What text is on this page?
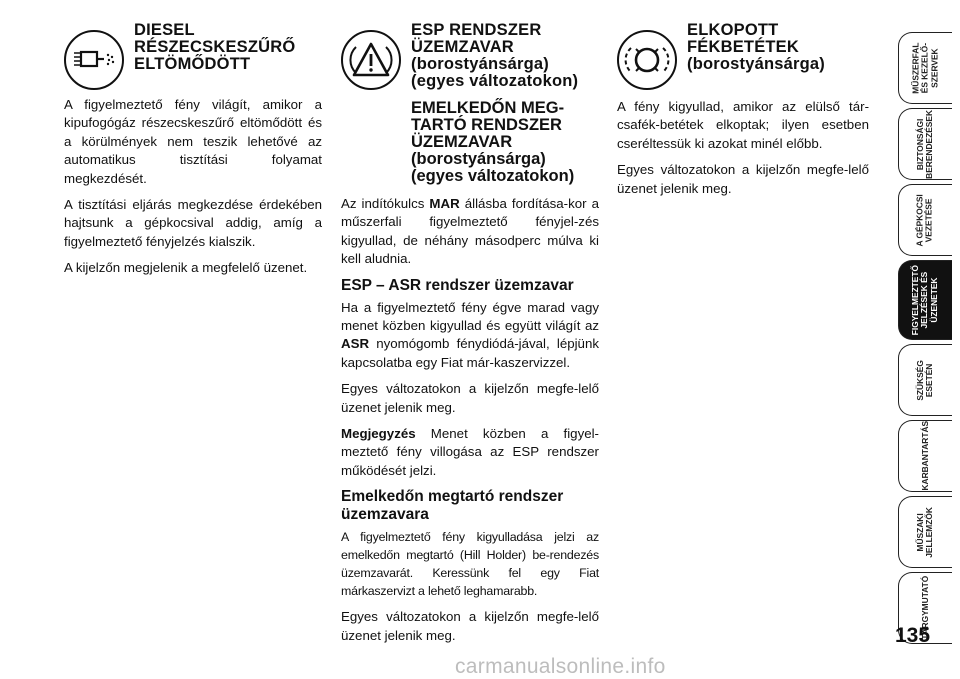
DIESEL
RÉSZECSKESZŰRŐ
ELTÖMŐDÖTT

A figyelmeztető fény világít, amikor a kipufogógáz részecskeszűrő eltömődött és a körülmények nem teszik lehetővé az automatikus tisztítási folyamat megkezdését.

A tisztítási eljárás megkezdése érdekében hajtsunk a gépkocsival addig, amíg a figyelmeztető fényjelzés kialszik.

A kijelzőn megjelenik a megfelelő üzenet.

ESP RENDSZER
ÜZEMZAVAR
(borostyánsárga)
(egyes változatokon)
EMELKEDŐN MEG-
TARTÓ RENDSZER
ÜZEMZAVAR
(borostyánsárga)
(egyes változatokon)

Az indítókulcs MAR állásba fordítása-kor a műszerfali figyelmeztető fényjel-zés kigyullad, de néhány másodperc múlva ki kell aludnia.

ESP – ASR rendszer üzemzavar

Ha a figyelmeztető fény égve marad vagy menet közben kigyullad és együtt világít az ASR nyomógomb fénydiódá-jával, lépjünk kapcsolatba egy Fiat már-kaszervizzel.

Egyes változatokon a kijelzőn megfe-lelő üzenet jelenik meg.

Megjegyzés Menet közben a figyel-meztető fény villogása az ESP rendszer működését jelzi.

Emelkedőn megtartó rendszer üzemzavara

A figyelmeztető fény kigyulladása jelzi az emelkedőn megtartó (Hill Holder) be-rendezés üzemzavarát. Keressünk fel egy Fiat márkaszervizt a lehető leghamarabb.

Egyes változatokon a kijelzőn megfe-lelő üzenet jelenik meg.

ELKOPOTT
FÉKBETÉTEK
(borostyánsárga)

A fény kigyullad, amikor az elülső tár-csafék-betétek elkoptak; ilyen esetben cseréltessük ki azokat minél előbb.

Egyes változatokon a kijelzőn megfe-lelő üzenet jelenik meg.

MŰSZERFAL
ÉS KEZELŐ-
SZERVEK
BIZTONSÁGI
BERENDEZÉSEK
A GÉPKOCSI
VEZETÉSE
FIGYELMEZTETŐ
JELZÉSEK ÉS
ÜZENETEK
SZÜKSÉG
ESETÉN
KARBANTARTÁS
MŰSZAKI
JELLEMZŐK
TÁRGYMUTATÓ
135
carmanualsonline.info
